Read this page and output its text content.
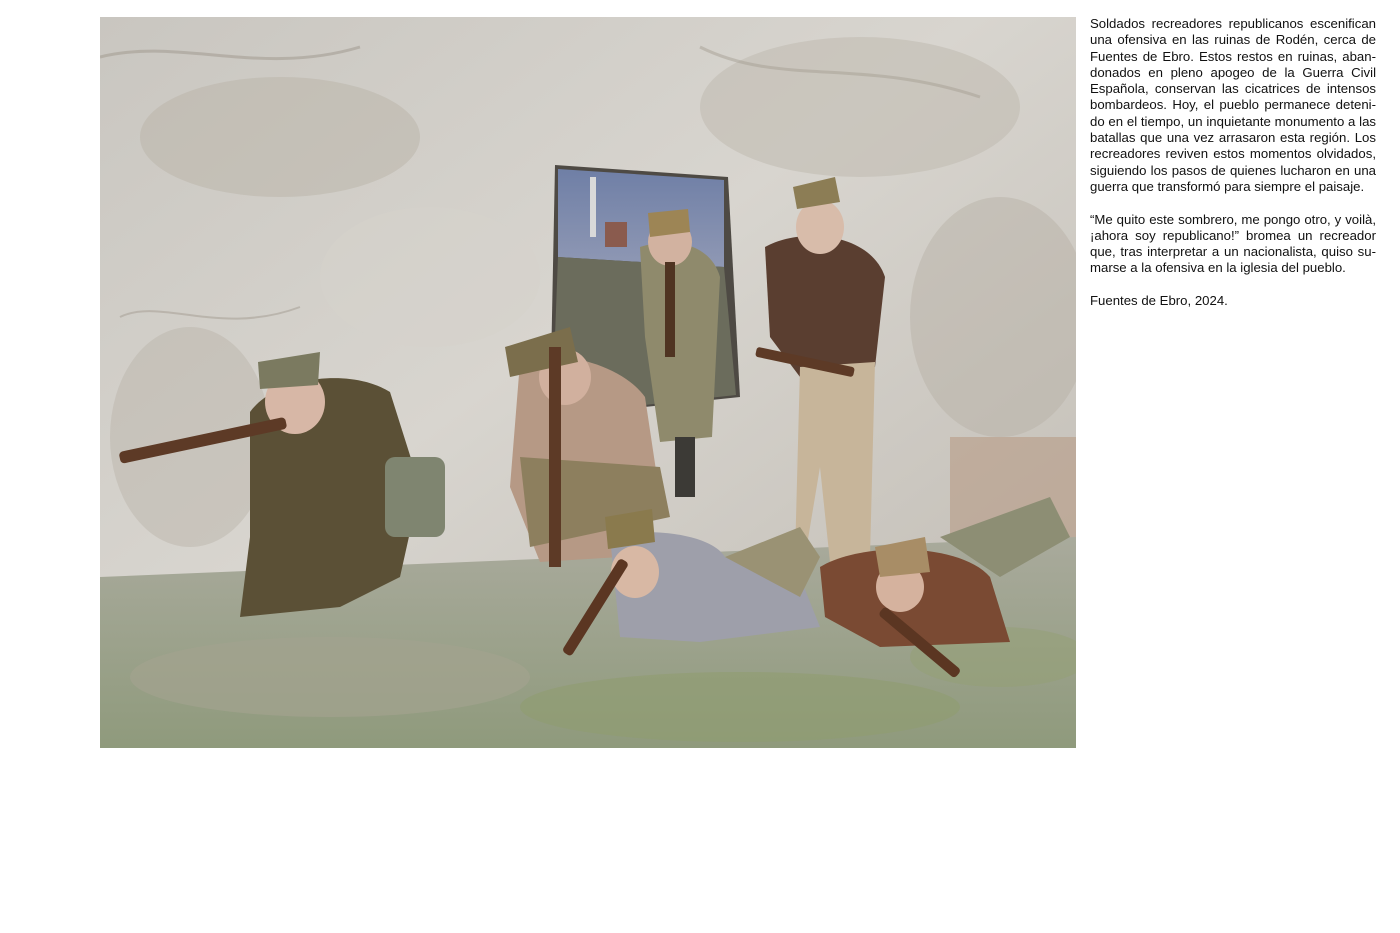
Soldados recreadores republicanos escenifican una ofensiva en las ruinas de Rodén, cerca de Fuentes de Ebro. Estos restos en ruinas, abandonados en pleno apogeo de la Guerra Civil Española, conservan las cicatrices de intensos bombardeos. Hoy, el pueblo permanece detenido en el tiempo, un inquietante monumento a las batallas que una vez arrasaron esta región. Los recreadores reviven estos momentos olvidados, siguiendo los pasos de quienes lucharon en una guerra que transformó para siempre el paisaje.

“Me quito este sombrero, me pongo otro, y voilà, ¡ahora soy republicano!” bromea un recreador que, tras interpretar a un nacionalista, quiso sumarse a la ofensiva en la iglesia del pueblo.

Fuentes de Ebro, 2024.
